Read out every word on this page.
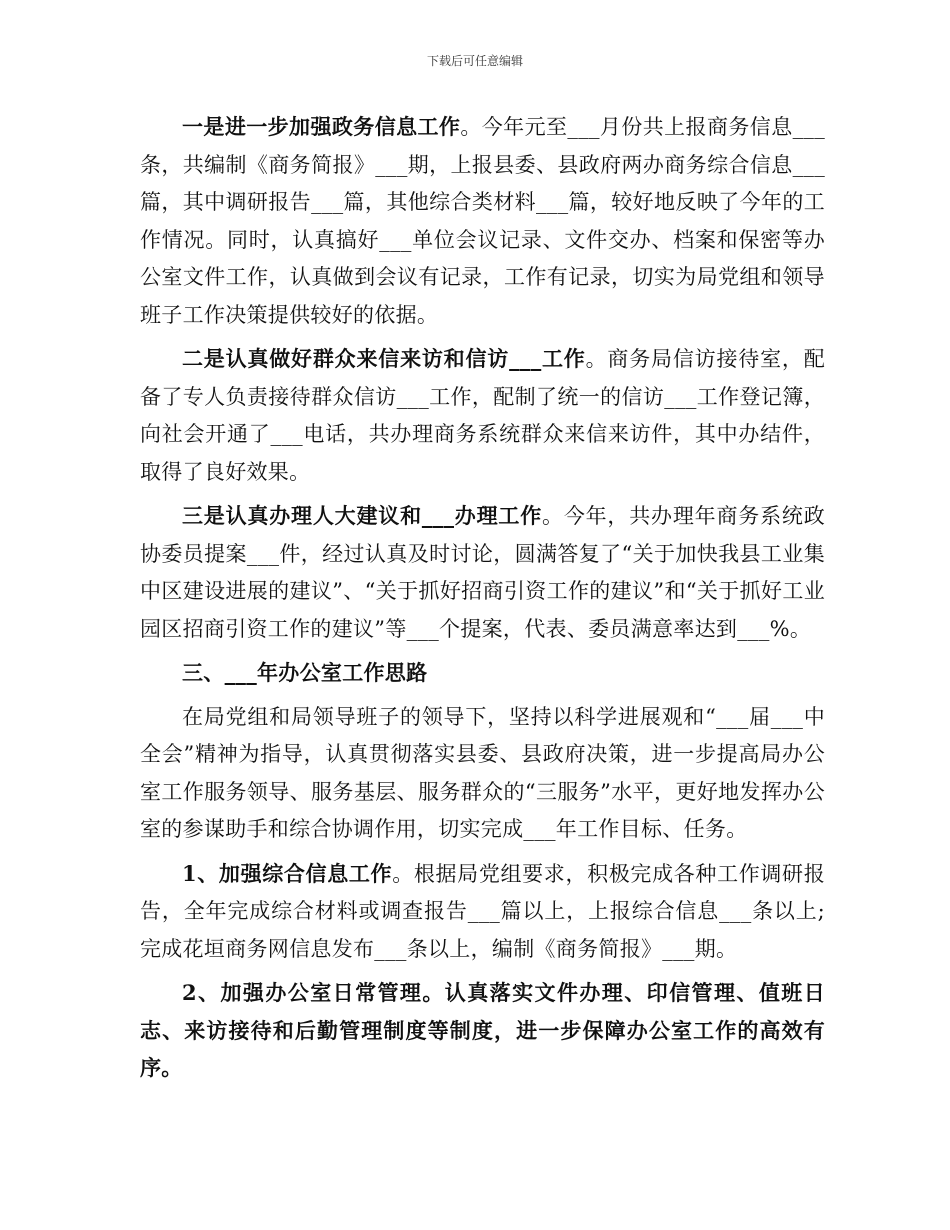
下载后可任意编辑

一是进一步加强政务信息工作。今年元至___月份共上报商务信息___条，共编制《商务简报》___期，上报县委、县政府两办商务综合信息___篇，其中调研报告___篇，其他综合类材料___篇，较好地反映了今年的工作情况。同时，认真搞好___单位会议记录、文件交办、档案和保密等办公室文件工作，认真做到会议有记录，工作有记录，切实为局党组和领导班子工作决策提供较好的依据。

二是认真做好群众来信来访和信访___工作。商务局信访接待室，配备了专人负责接待群众信访___工作，配制了统一的信访___工作登记簿，向社会开通了___电话，共办理商务系统群众来信来访件，其中办结件，取得了良好效果。

三是认真办理人大建议和___办理工作。今年，共办理年商务系统政协委员提案___件，经过认真及时讨论，圆满答复了“关于加快我县工业集中区建设进展的建议”、“关于抓好招商引资工作的建议”和“关于抓好工业园区招商引资工作的建议”等___个提案，代表、委员满意率达到___%。

三、___年办公室工作思路

在局党组和局领导班子的领导下，坚持以科学进展观和“___届___中全会”精神为指导，认真贯彻落实县委、县政府决策，进一步提高局办公室工作服务领导、服务基层、服务群众的“三服务”水平，更好地发挥办公室的参谋助手和综合协调作用，切实完成___年工作目标、任务。

1、加强综合信息工作。根据局党组要求，积极完成各种工作调研报告，全年完成综合材料或调查报告___篇以上，上报综合信息___条以上;完成花垣商务网信息发布___条以上，编制《商务简报》___期。

2、加强办公室日常管理。认真落实文件办理、印信管理、值班日志、来访接待和后勤管理制度等制度，进一步保障办公室工作的高效有序。
